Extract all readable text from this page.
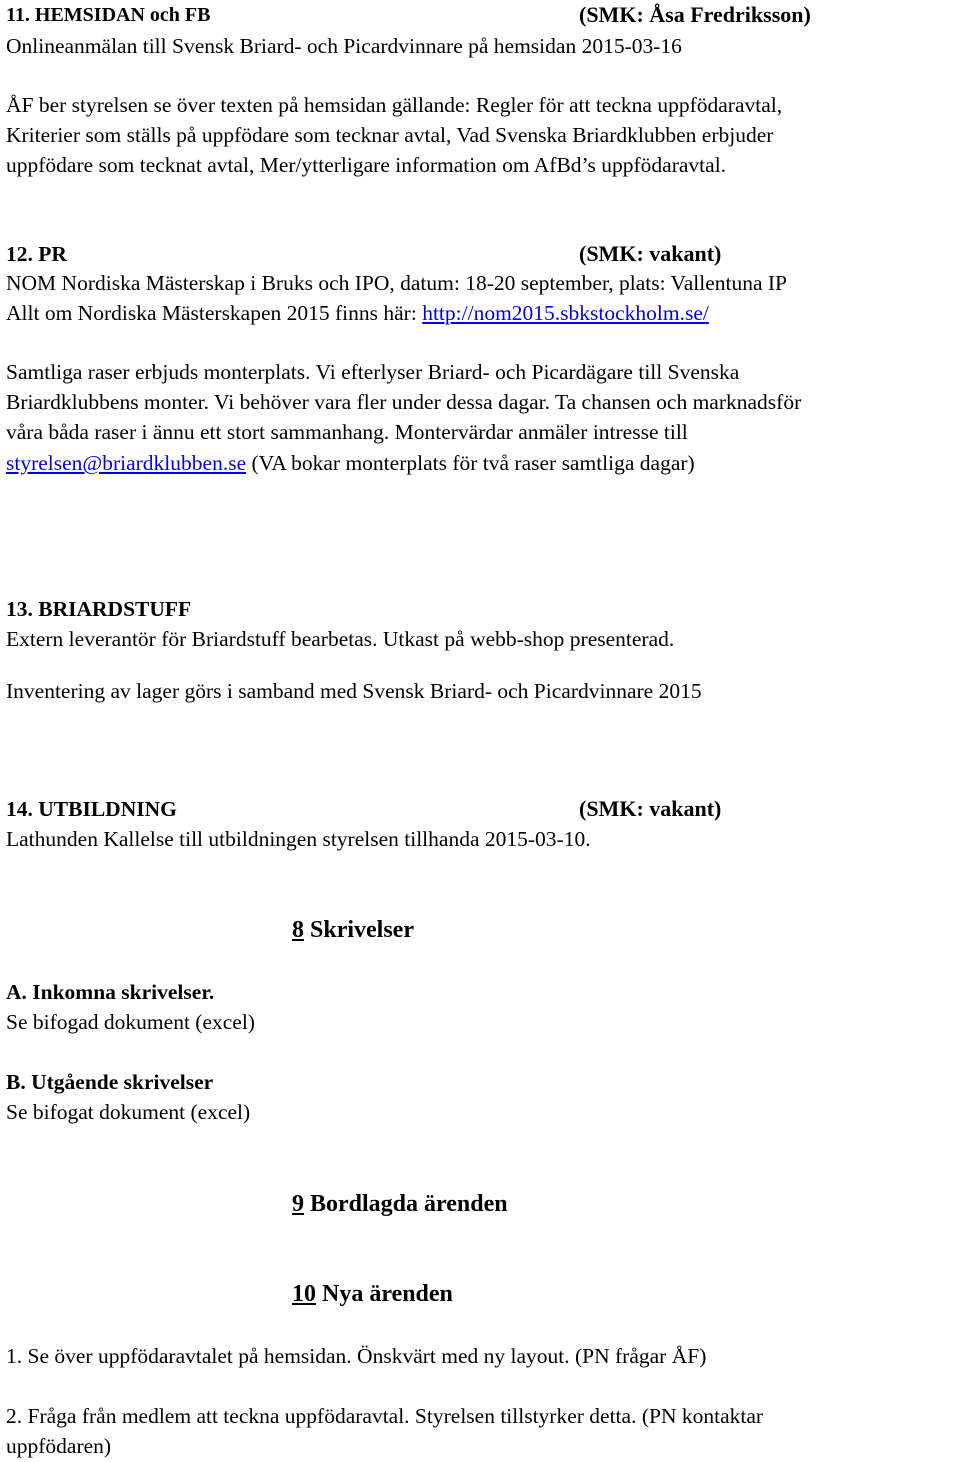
11. HEMSIDAN och FB	(SMK: Åsa Fredriksson)
Onlineanmälan till Svensk Briard- och Picardvinnare på hemsidan 2015-03-16
ÅF ber styrelsen se över texten på hemsidan gällande: Regler för att teckna uppfödaravtal,
Kriterier som ställs på uppfödare som tecknar avtal, Vad Svenska Briardklubben erbjuder
uppfödare som tecknat avtal, Mer/ytterligare information om AfBd’s uppfödaravtal.
12. PR	(SMK: vakant)
NOM Nordiska Mästerskap i Bruks och IPO, datum: 18-20 september, plats: Vallentuna IP
Allt om Nordiska Mästerskapen 2015 finns här: http://nom2015.sbkstockholm.se/
Samtliga raser erbjuds monterplats. Vi efterlyser Briard- och Picardägare till Svenska
Briardklubbens monter. Vi behöver vara fler under dessa dagar. Ta chansen och marknadsför
våra båda raser i ännu ett stort sammanhang. Montervärdar anmäler intresse till
styrelsen@briardklubben.se (VA bokar monterplats för två raser samtliga dagar)
13. BRIARDSTUFF
Extern leverantör för Briardstuff bearbetas. Utkast på webb-shop presenterad.
Inventering av lager görs i samband med Svensk Briard- och Picardvinnare 2015
14. UTBILDNING	(SMK: vakant)
Lathunden Kallelse till utbildningen styrelsen tillhanda 2015-03-10.
8 Skrivelser
A. Inkomna skrivelser.
Se bifogad dokument (excel)
B. Utgående skrivelser
Se bifogat dokument (excel)
9 Bordlagda ärenden
10 Nya ärenden
1. Se över uppfödaravtalet på hemsidan. Önskvärt med ny layout. (PN frågar ÅF)
2. Fråga från medlem att teckna uppfödaravtal. Styrelsen tillstyrker detta. (PN kontaktar
uppfödaren)
